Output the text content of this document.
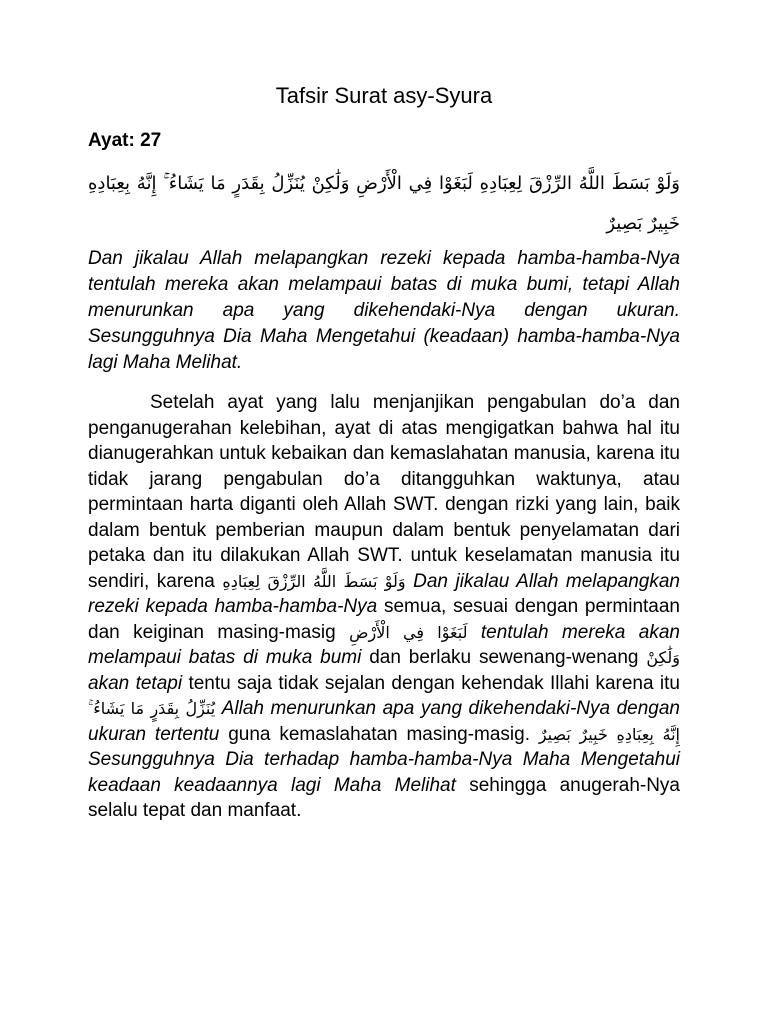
Tafsir Surat asy-Syura
Ayat: 27
وَلَوْ بَسَطَ اللَّهُ الرِّزْقَ لِعِبَادِهِ لَبَغَوْا فِي الْأَرْضِ وَلَٰكِنْ يُنَزِّلُ بِقَدَرٍ مَا يَشَاءُ ۚ إِنَّهُ بِعِبَادِهِ خَبِيرٌ بَصِيرٌ

Dan jikalau Allah melapangkan rezeki kepada hamba-hamba-Nya tentulah mereka akan melampaui batas di muka bumi, tetapi Allah menurunkan apa yang dikehendaki-Nya dengan ukuran. Sesungguhnya Dia Maha Mengetahui (keadaan) hamba-hamba-Nya lagi Maha Melihat.

Setelah ayat yang lalu menjanjikan pengabulan do’a dan penganugerahan kelebihan, ayat di atas mengigatkan bahwa hal itu dianugerahkan untuk kebaikan dan kemaslahatan manusia, karena itu tidak jarang pengabulan do’a ditangguhkan waktunya, atau permintaan harta diganti oleh Allah SWT. dengan rizki yang lain, baik dalam bentuk pemberian maupun dalam bentuk penyelamatan dari petaka dan itu dilakukan Allah SWT. untuk keselamatan manusia itu sendiri, karena وَلَوْ بَسَطَ اللَّهُ الرِّزْقَ لِعِبَادِهِ Dan jikalau Allah melapangkan rezeki kepada hamba-hamba-Nya semua, sesuai dengan permintaan dan keiginan masing-masig لَبَغَوْا فِي الْأَرْضِ tentulah mereka akan melampaui batas di muka bumi dan berlaku sewenang-wenang وَلَٰكِنْ akan tetapi tentu saja tidak sejalan dengan kehendak Illahi karena itu يُنَزِّلُ بِقَدَرٍ مَا يَشَاءُ ۚ Allah menurunkan apa yang dikehendaki-Nya dengan ukuran tertentu guna kemaslahatan masing-masig. إِنَّهُ بِعِبَادِهِ خَبِيرٌ بَصِيرٌ Sesungguhnya Dia terhadap hamba-hamba-Nya Maha Mengetahui keadaan keadaannya lagi Maha Melihat sehingga anugerah-Nya selalu tepat dan manfaat.
